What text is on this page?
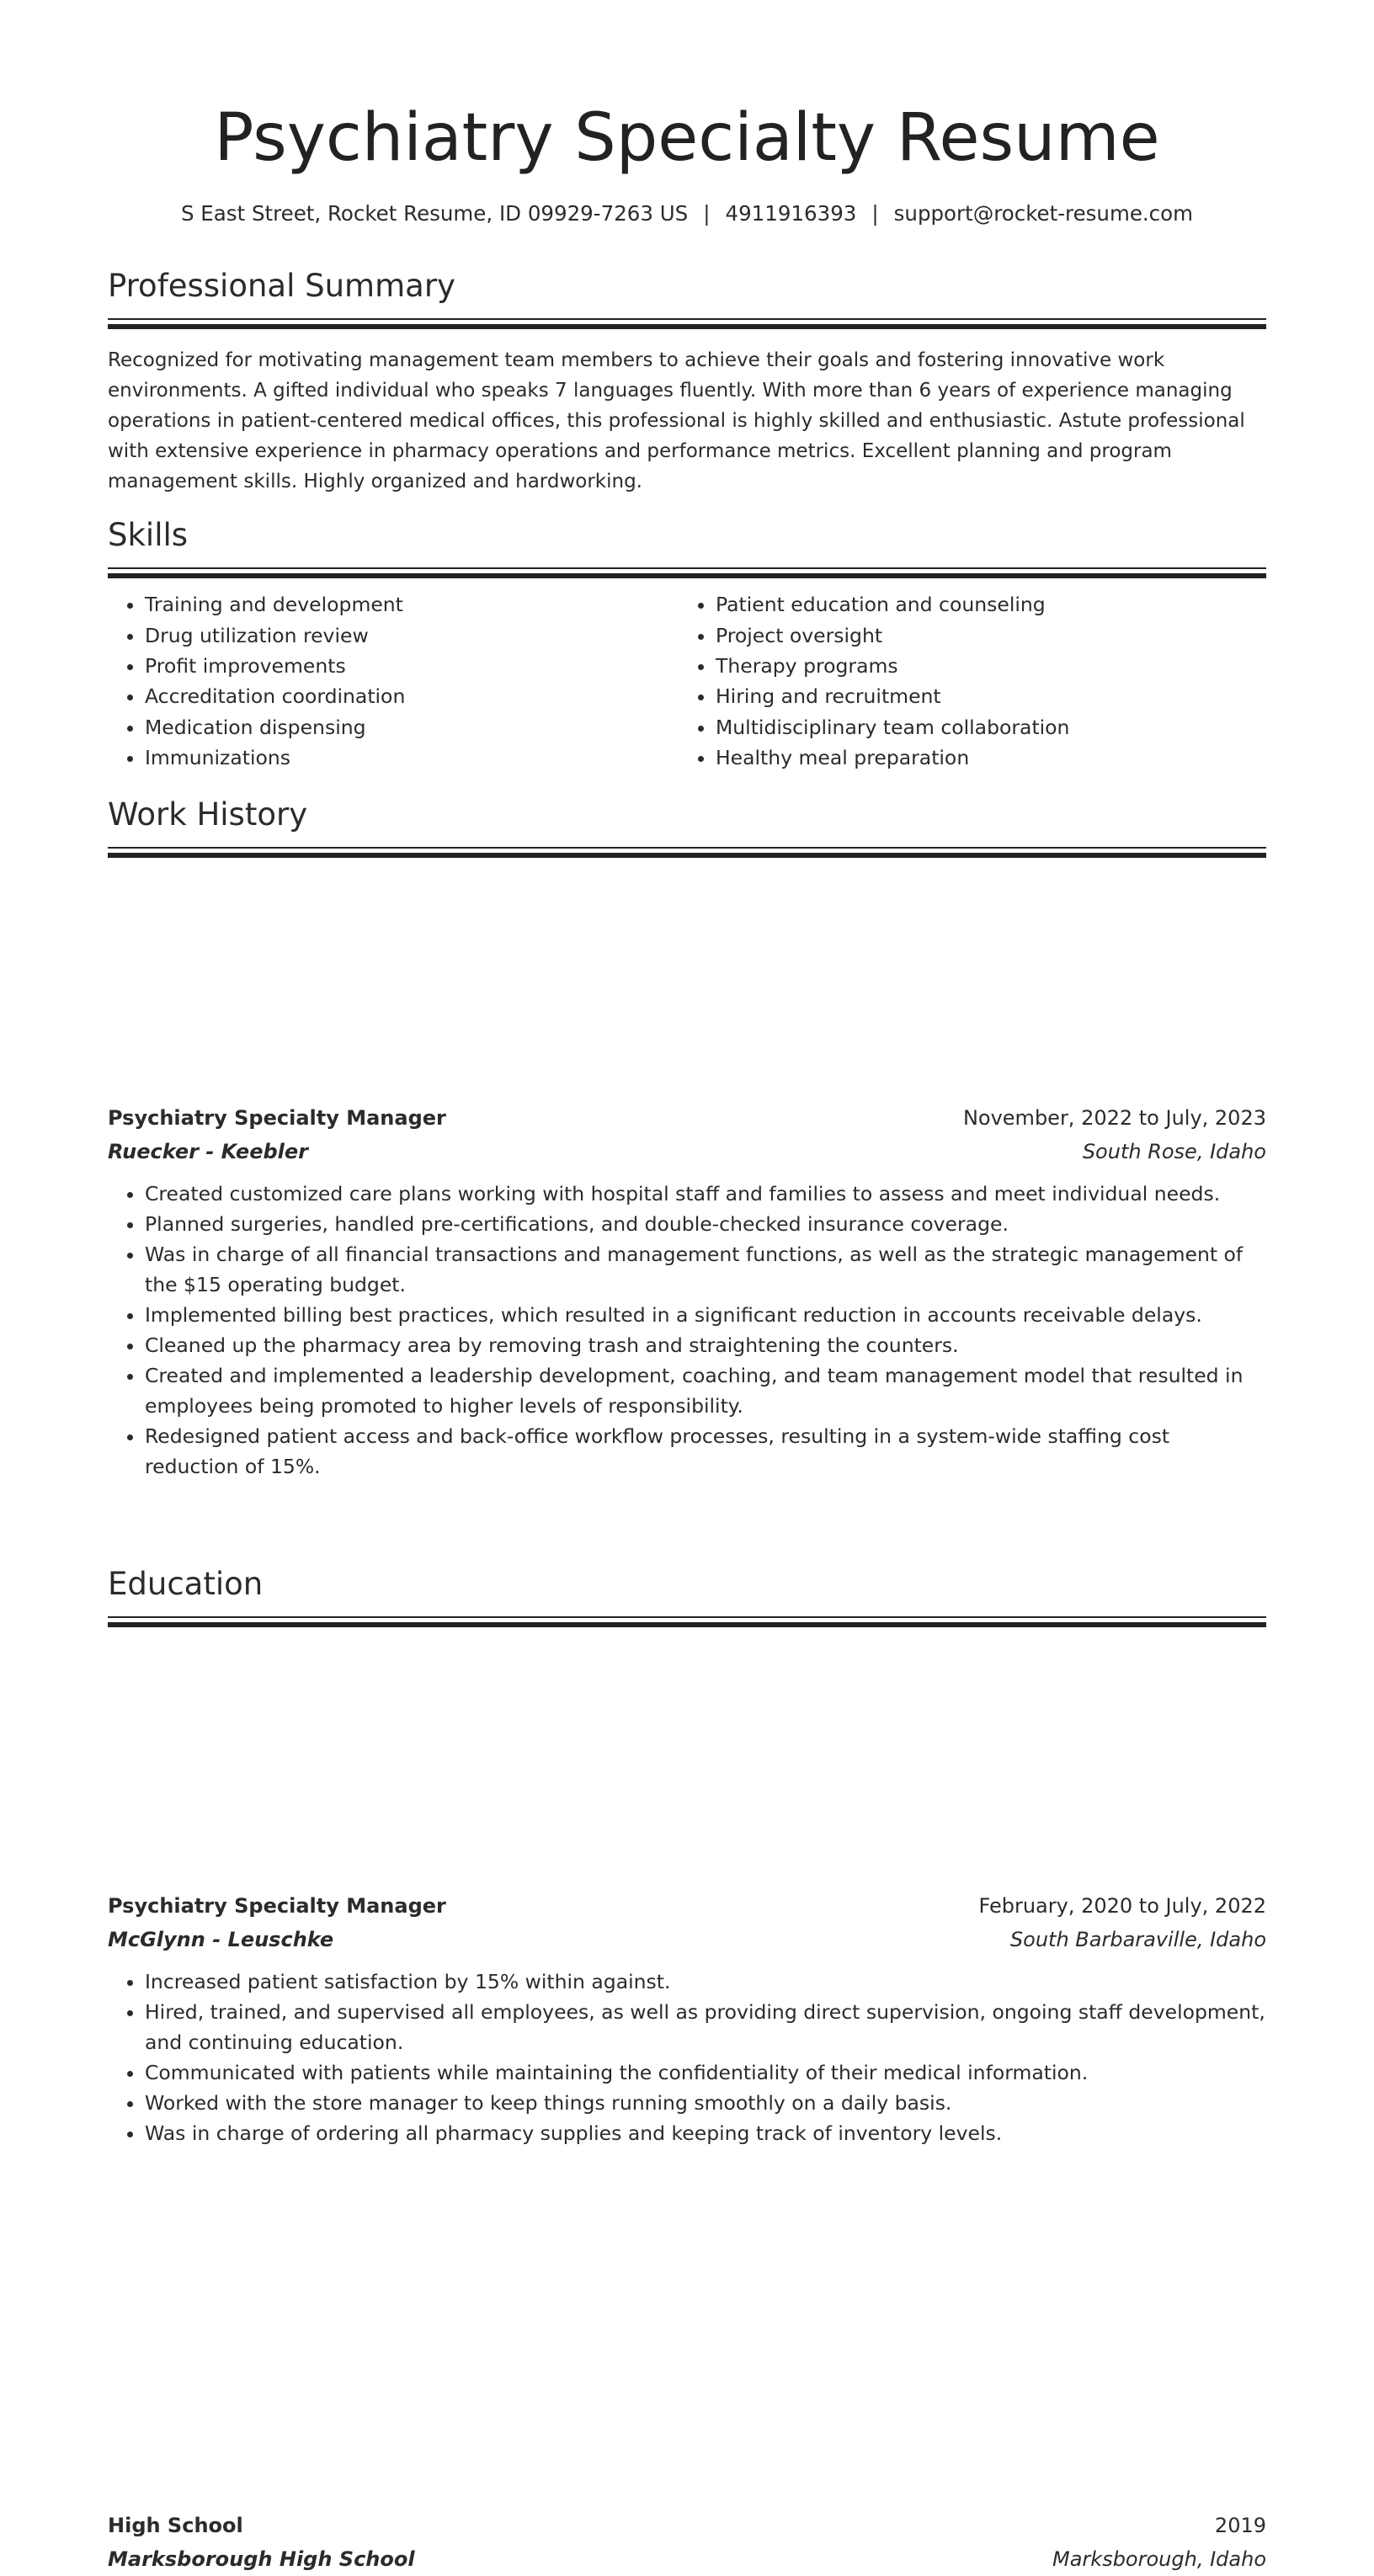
Psychiatry Specialty Resume
S East Street, Rocket Resume, ID 09929-7263 US | 4911916393 | support@rocket-resume.com
Professional Summary
Recognized for motivating management team members to achieve their goals and fostering innovative work environments. A gifted individual who speaks 7 languages fluently. With more than 6 years of experience managing operations in patient-centered medical offices, this professional is highly skilled and enthusiastic. Astute professional with extensive experience in pharmacy operations and performance metrics. Excellent planning and program management skills. Highly organized and hardworking.
Skills
• Training and development
• Drug utilization review
• Profit improvements
• Accreditation coordination
• Medication dispensing
• Immunizations
• Patient education and counseling
• Project oversight
• Therapy programs
• Hiring and recruitment
• Multidisciplinary team collaboration
• Healthy meal preparation
Work History
Psychiatry Specialty Manager	November, 2022 to July, 2023
Ruecker - Keebler	South Rose, Idaho
• Created customized care plans working with hospital staff and families to assess and meet individual needs.
• Planned surgeries, handled pre-certifications, and double-checked insurance coverage.
• Was in charge of all financial transactions and management functions, as well as the strategic management of the $15 operating budget.
• Implemented billing best practices, which resulted in a significant reduction in accounts receivable delays.
• Cleaned up the pharmacy area by removing trash and straightening the counters.
• Created and implemented a leadership development, coaching, and team management model that resulted in employees being promoted to higher levels of responsibility.
• Redesigned patient access and back-office workflow processes, resulting in a system-wide staffing cost reduction of 15%.
Psychiatry Specialty Manager	February, 2020 to July, 2022
McGlynn - Leuschke	South Barbaraville, Idaho
• Increased patient satisfaction by 15% within against.
• Hired, trained, and supervised all employees, as well as providing direct supervision, ongoing staff development, and continuing education.
• Communicated with patients while maintaining the confidentiality of their medical information.
• Worked with the store manager to keep things running smoothly on a daily basis.
• Was in charge of ordering all pharmacy supplies and keeping track of inventory levels.
Education
High School	2019
Marksborough High School	Marksborough, Idaho
